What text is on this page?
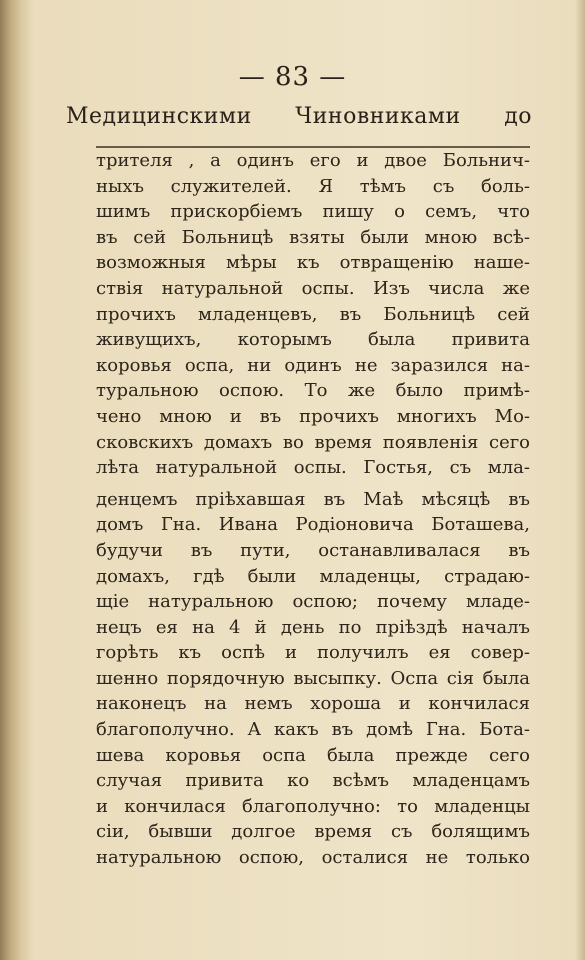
— 83 —
Медицинскими Чиновниками до
трителя , а одинъ его и двое Больнич-
ныхъ служителей. Я тѣмъ съ боль-
шимъ прискорбіемъ пишу о семъ, что
въ сей Больницѣ взяты были мною всѣ-
возможныя мѣры къ отвращенію наше-
ствія натуральной оспы. Изъ числа же
прочихъ младенцевъ, въ Больницѣ сей
живущихъ, которымъ была привита
коровья оспа, ни одинъ не заразился на-
туральною оспою. То же было примѣ-
чено мною и въ прочихъ многихъ Мо-
сковскихъ домахъ во время появленія сего
лѣта натуральной оспы. Гостья, съ мла-
денцемъ пріѣхавшая въ Маѣ мѣсяцѣ въ
домъ Гна. Ивана Родіоновича Боташева,
будучи въ пути, останавливалася въ
домахъ, гдѣ были младенцы, страдаю-
щіе натуральною оспою; почему младе-
нецъ ея на 4 й день по пріѣздѣ началъ
горѣть къ оспѣ и получилъ ея совер-
шенно порядочную высыпку. Оспа сія была
наконецъ на немъ хороша и кончилася
благополучно. А какъ въ домѣ Гна. Бота-
шева коровья оспа была прежде сего
случая привита ко всѣмъ младенцамъ
и кончилася благополучно: то младенцы
сіи, бывши долгое время съ болящимъ
натуральною оспою, осталися не только
